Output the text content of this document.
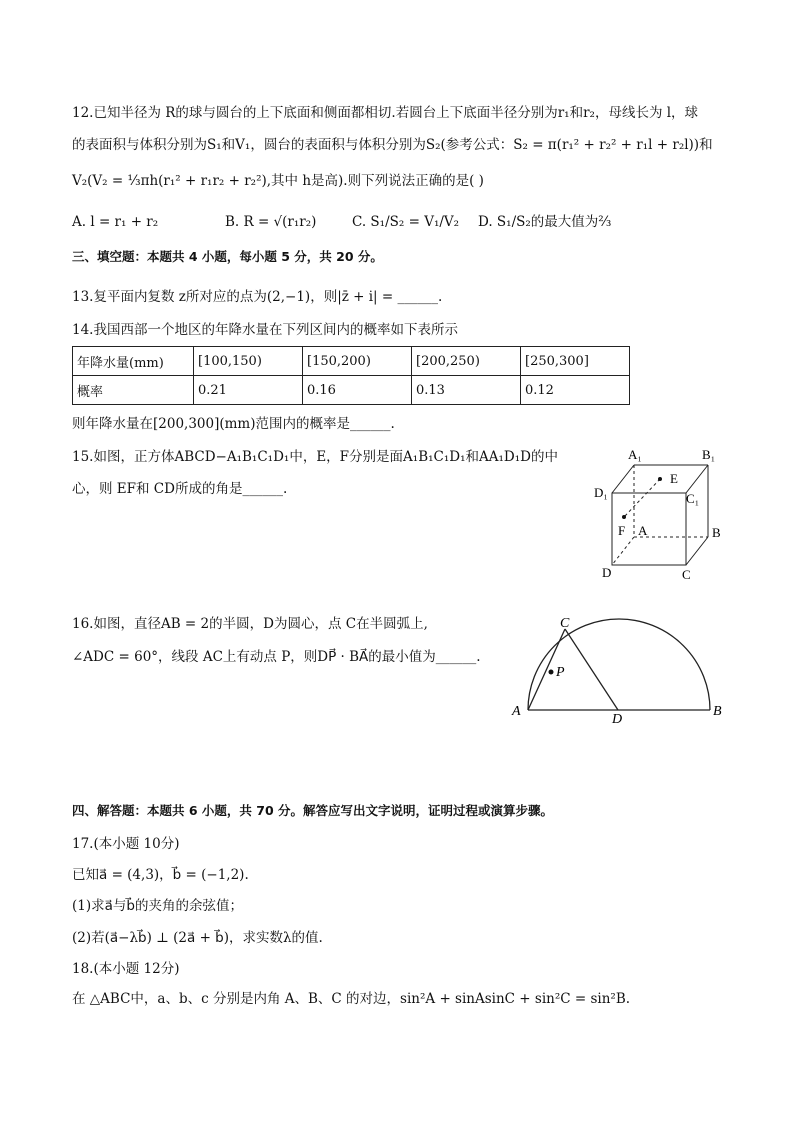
12.已知半径为 R的球与圆台的上下底面和侧面都相切.若圆台上下底面半径分别为r₁和r₂，母线长为 l，球
的表面积与体积分别为S₁和V₁，圆台的表面积与体积分别为S₂(参考公式：S₂ = π(r₁² + r₂² + r₁l + r₂l))和
V₂(V₂ = ⅓πh(r₁² + r₁r₂ + r₂²),其中 h是高).则下列说法正确的是( )
A. l = r₁ + r₂	B. R = √(r₁r₂)	C. S₁/S₂ = V₁/V₂ D. S₁/S₂的最大值为⅔
三、填空题：本题共 4 小题，每小题 5 分，共 20 分。
13.复平面内复数 z所对应的点为(2,−1)，则|z̄ + i| = ______.
14.我国西部一个地区的年降水量在下列区间内的概率如下表所示
年降水量(mm)	[100,150)	[150,200)	[200,250)	[250,300]
概率	0.21	0.16	0.13	0.12
则年降水量在[200,300](mm)范围内的概率是______.
15.如图，正方体ABCD−A₁B₁C₁D₁中，E，F分别是面A₁B₁C₁D₁和AA₁D₁D的中
心，则 EF和 CD所成的角是______.
A₁	B₁
C₁
D₁
A	B
C
D
E
F
16.如图，直径AB = 2的半圆，D为圆心，点 C在半圆弧上,
∠ADC = 60°，线段 AC上有动点 P，则DP⃗ · BA⃗的最小值为______.
A	B
C
D
P
四、解答题：本题共 6 小题，共 70 分。解答应写出文字说明，证明过程或演算步骤。
17.(本小题 10分)
已知a⃗ = (4,3)，b⃗ = (−1,2).
(1)求a⃗与b⃗的夹角的余弦值；
(2)若(a⃗−λb⃗) ⊥ (2a⃗ + b⃗)，求实数λ的值.
18.(本小题 12分)
在 △ABC中，a、b、c 分别是内角 A、B、C 的对边，sin²A + sinAsinC + sin²C = sin²B.
